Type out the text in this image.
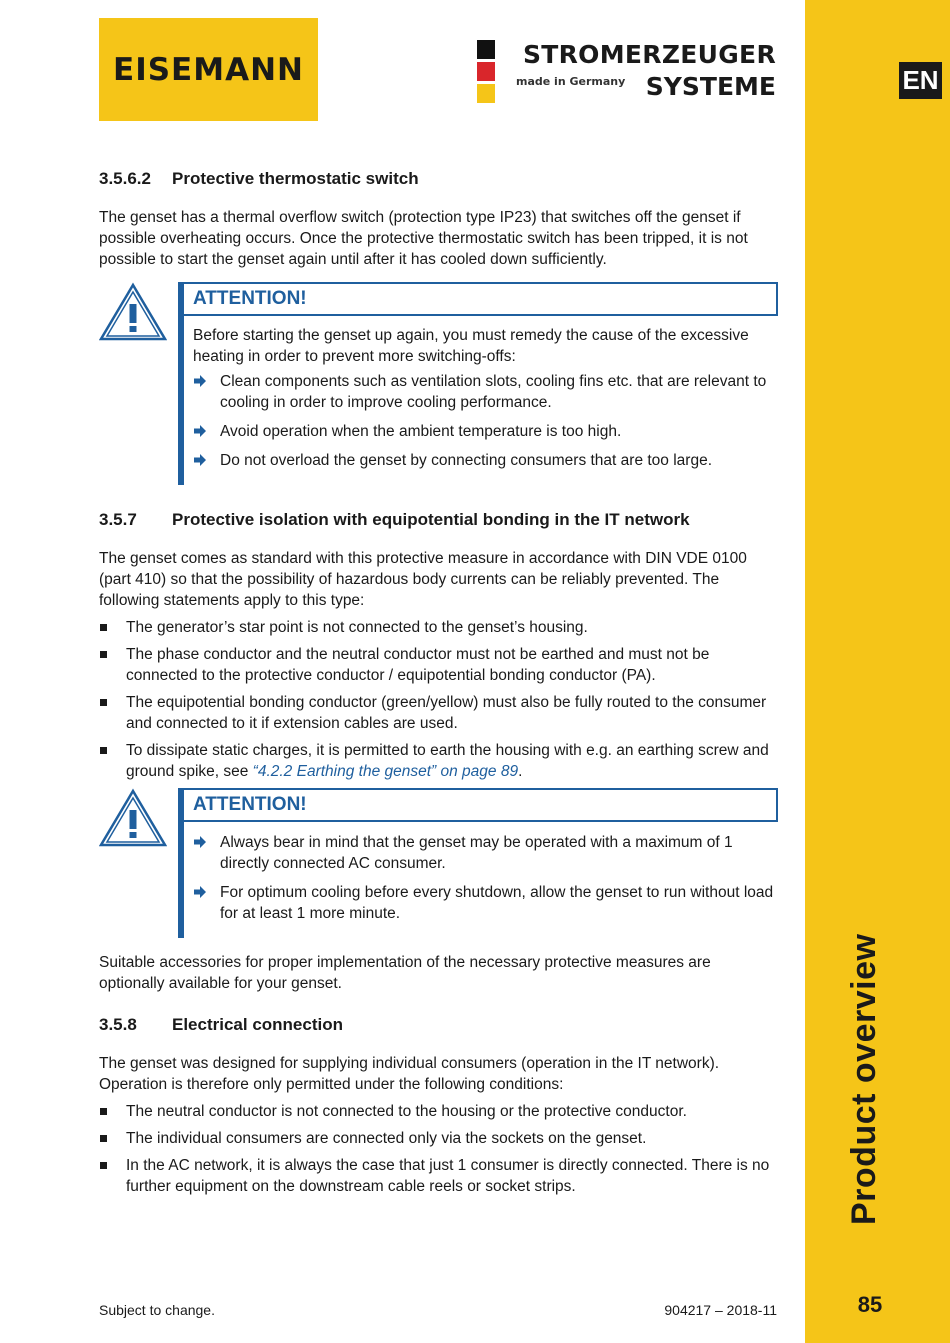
EISEMANN	STROMERZEUGER
made in Germany SYSTEME	EN
Product overview
85
3.5.6.2	Protective thermostatic switch

The genset has a thermal overflow switch (protection type IP23) that switches off the genset if possible overheating occurs. Once the protective thermostatic switch has been tripped, it is not possible to start the genset again until after it has cooled down sufficiently.

ATTENTION!
Before starting the genset up again, you must remedy the cause of the excessive heating in order to prevent more switching-offs:
Clean components such as ventilation slots, cooling fins etc. that are relevant to cooling in order to improve cooling performance.
Avoid operation when the ambient temperature is too high.
Do not overload the genset by connecting consumers that are too large.
3.5.7	Protective isolation with equipotential bonding in the IT network

The genset comes as standard with this protective measure in accordance with DIN VDE 0100 (part 410) so that the possibility of hazardous body currents can be reliably prevented. The following statements apply to this type:

The generator’s star point is not connected to the genset’s housing.
The phase conductor and the neutral conductor must not be earthed and must not be connected to the protective conductor / equipotential bonding conductor (PA).
The equipotential bonding conductor (green/yellow) must also be fully routed to the consumer and connected to it if extension cables are used.
To dissipate static charges, it is permitted to earth the housing with e.g. an earthing screw and ground spike, see “4.2.2 Earthing the genset” on page 89.
ATTENTION!
Always bear in mind that the genset may be operated with a maximum of 1 directly connected AC consumer.
For optimum cooling before every shutdown, allow the genset to run without load for at least 1 more minute.

Suitable accessories for proper implementation of the necessary protective measures are optionally available for your genset.

3.5.8	Electrical connection

The genset was designed for supplying individual consumers (operation in the IT network). Operation is therefore only permitted under the following conditions:

The neutral conductor is not connected to the housing or the protective conductor.
The individual consumers are connected only via the sockets on the genset.
In the AC network, it is always the case that just 1 consumer is directly connected. There is no further equipment on the downstream cable reels or socket strips.
Subject to change.	904217 – 2018-11
